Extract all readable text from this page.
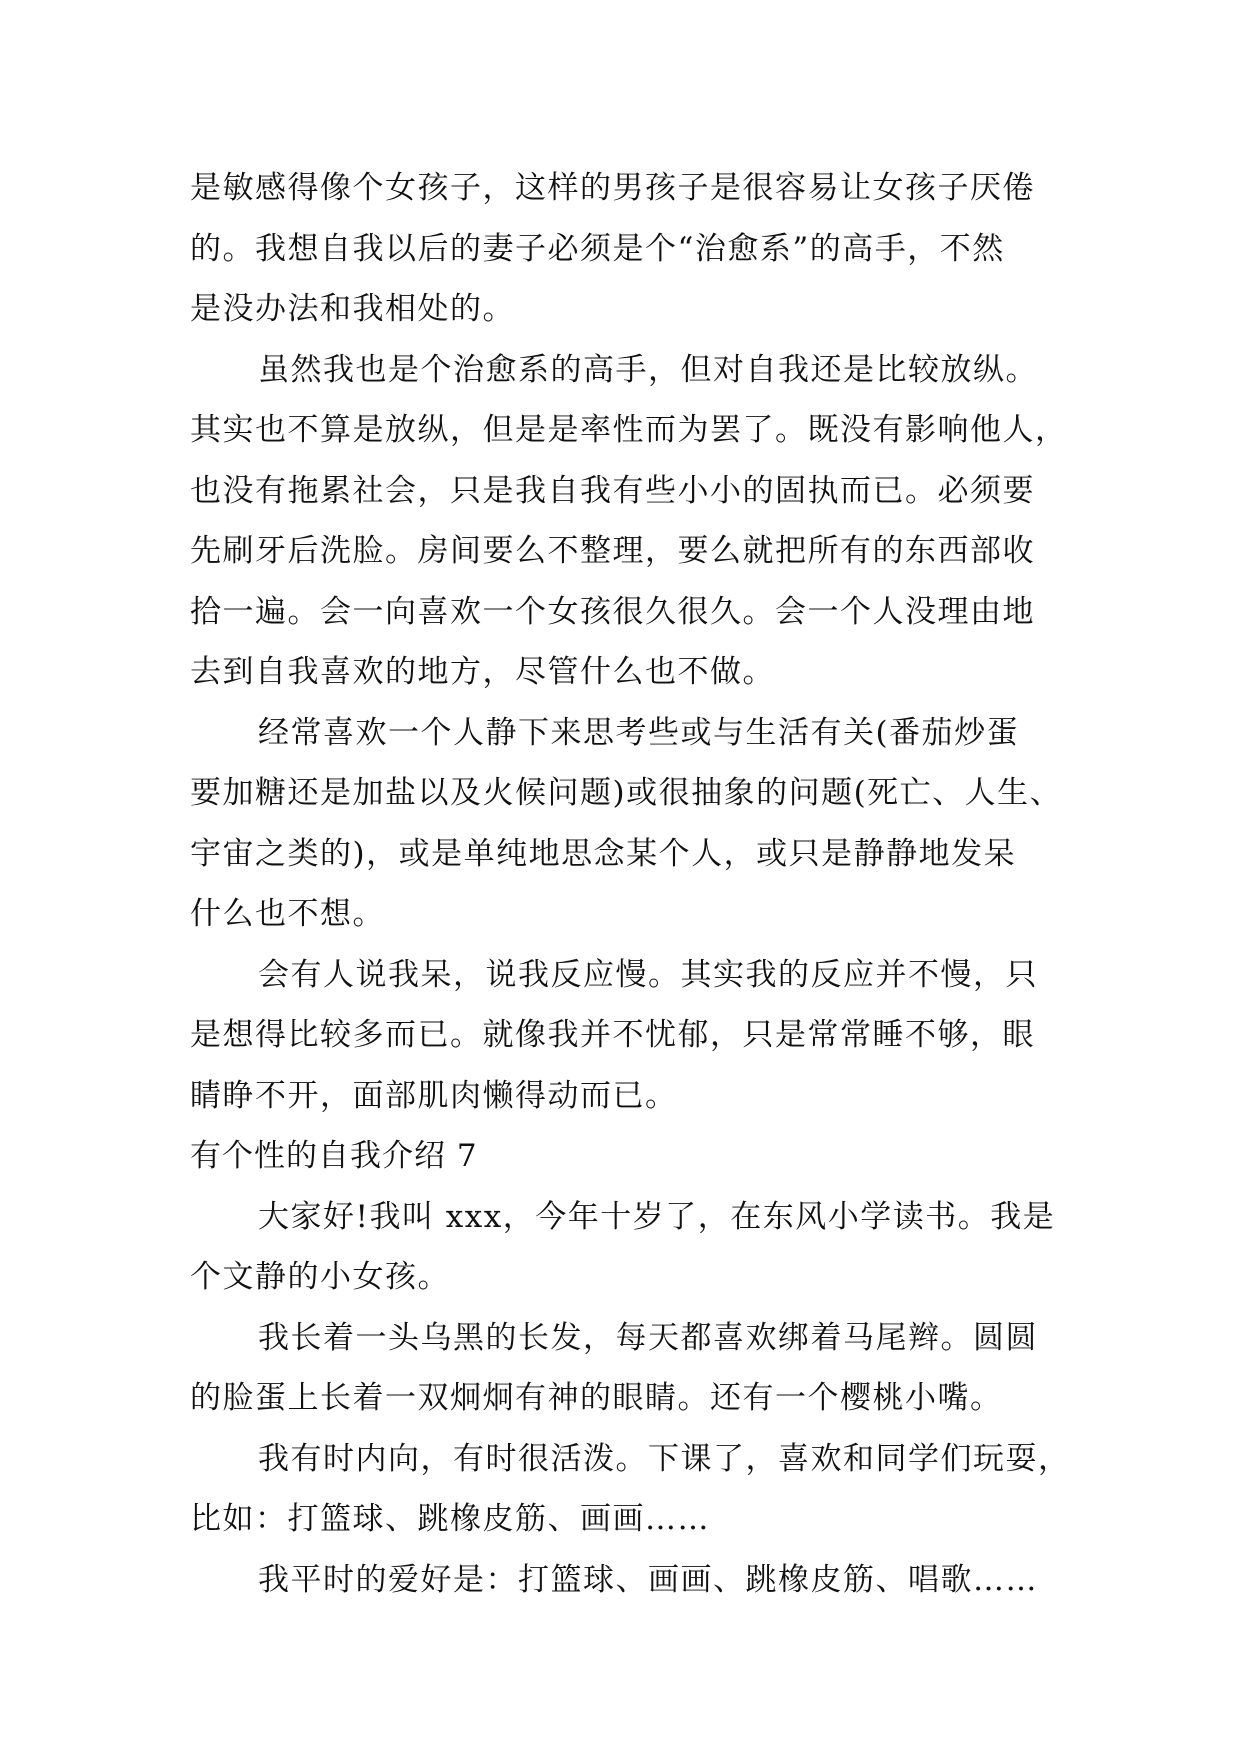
是敏感得像个女孩子，这样的男孩子是很容易让女孩子厌倦
的。我想自我以后的妻子必须是个“治愈系”的高手，不然
是没办法和我相处的。
虽然我也是个治愈系的高手，但对自我还是比较放纵。
其实也不算是放纵，但是是率性而为罢了。既没有影响他人，
也没有拖累社会，只是我自我有些小小的固执而已。必须要
先刷牙后洗脸。房间要么不整理，要么就把所有的东西部收
拾一遍。会一向喜欢一个女孩很久很久。会一个人没理由地
去到自我喜欢的地方，尽管什么也不做。
经常喜欢一个人静下来思考些或与生活有关(番茄炒蛋
要加糖还是加盐以及火候问题)或很抽象的问题(死亡、人生、
宇宙之类的)，或是单纯地思念某个人，或只是静静地发呆
什么也不想。
会有人说我呆，说我反应慢。其实我的反应并不慢，只
是想得比较多而已。就像我并不忧郁，只是常常睡不够，眼
睛睁不开，面部肌肉懒得动而已。
有个性的自我介绍 7
大家好!我叫 xxx，今年十岁了，在东风小学读书。我是
个文静的小女孩。
我长着一头乌黑的长发，每天都喜欢绑着马尾辫。圆圆
的脸蛋上长着一双炯炯有神的眼睛。还有一个樱桃小嘴。
我有时内向，有时很活泼。下课了，喜欢和同学们玩耍，
比如：打篮球、跳橡皮筋、画画……
我平时的爱好是：打篮球、画画、跳橡皮筋、唱歌……
